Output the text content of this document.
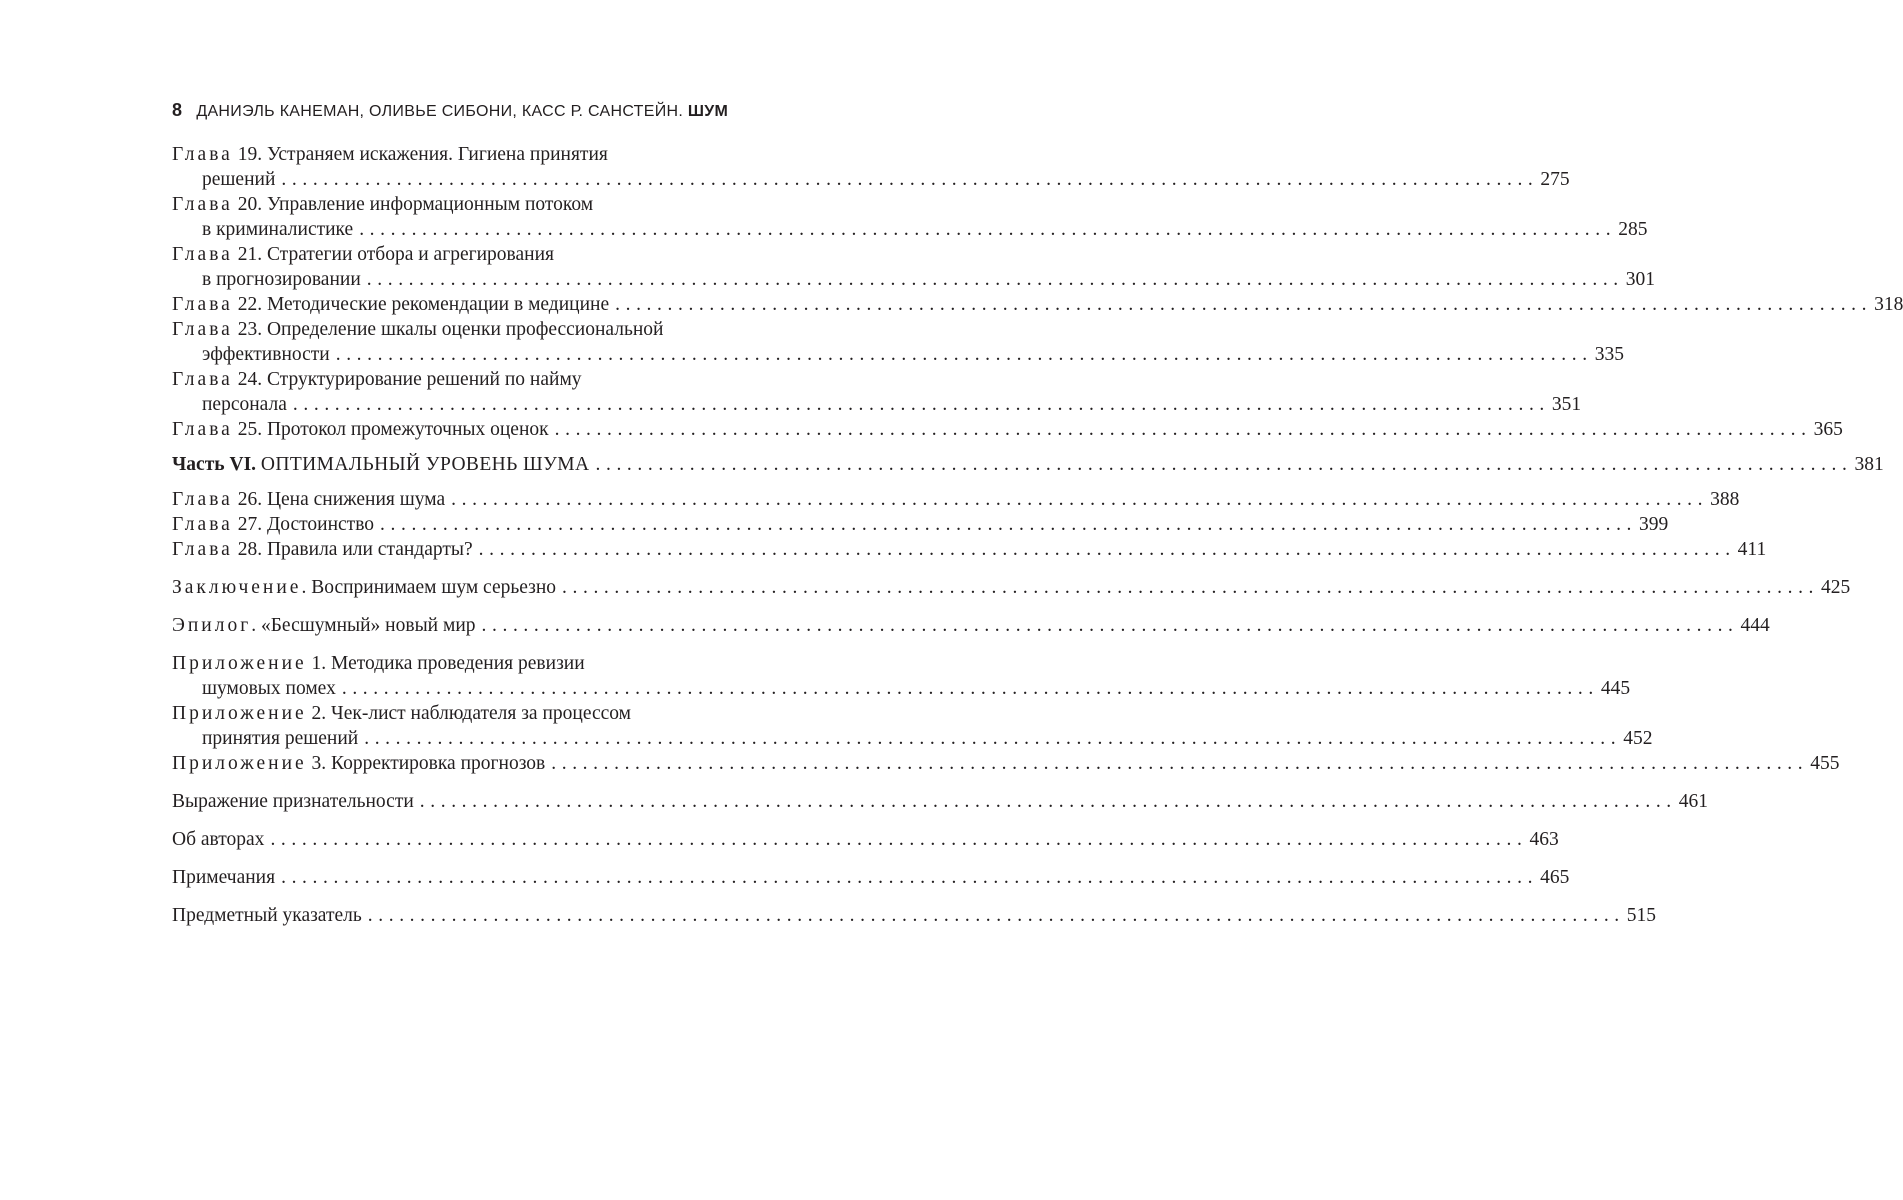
8 ДАНИЭЛЬ КАНЕМАН, ОЛИВЬЕ СИБОНИ, КАСС Р. САНСТЕЙН. ШУМ
Глава 19. Устраняем искажения. Гигиена принятия
решений ........................................................................................................................ 275
Глава 20. Управление информационным потоком
в криминалистике ........................................................................................................................ 285
Глава 21. Стратегии отбора и агрегирования
в прогнозировании ........................................................................................................................ 301
Глава 22. Методические рекомендации в медицине ........................................................................................................................ 318
Глава 23. Определение шкалы оценки профессиональной
эффективности ........................................................................................................................ 335
Глава 24. Структурирование решений по найму
персонала ........................................................................................................................ 351
Глава 25. Протокол промежуточных оценок ........................................................................................................................ 365
Часть VI. ОПТИМАЛЬНЫЙ УРОВЕНЬ ШУМА ........................................................................................................................ 381
Глава 26. Цена снижения шума ........................................................................................................................ 388
Глава 27. Достоинство ........................................................................................................................ 399
Глава 28. Правила или стандарты? ........................................................................................................................ 411
Заключение. Воспринимаем шум серьезно ........................................................................................................................ 425
Эпилог. «Бесшумный» новый мир ........................................................................................................................ 444
Приложение 1. Методика проведения ревизии
шумовых помех ........................................................................................................................ 445
Приложение 2. Чек-лист наблюдателя за процессом
принятия решений ........................................................................................................................ 452
Приложение 3. Корректировка прогнозов ........................................................................................................................ 455
Выражение признательности ........................................................................................................................ 461
Об авторах ........................................................................................................................ 463
Примечания ........................................................................................................................ 465
Предметный указатель ........................................................................................................................ 515
